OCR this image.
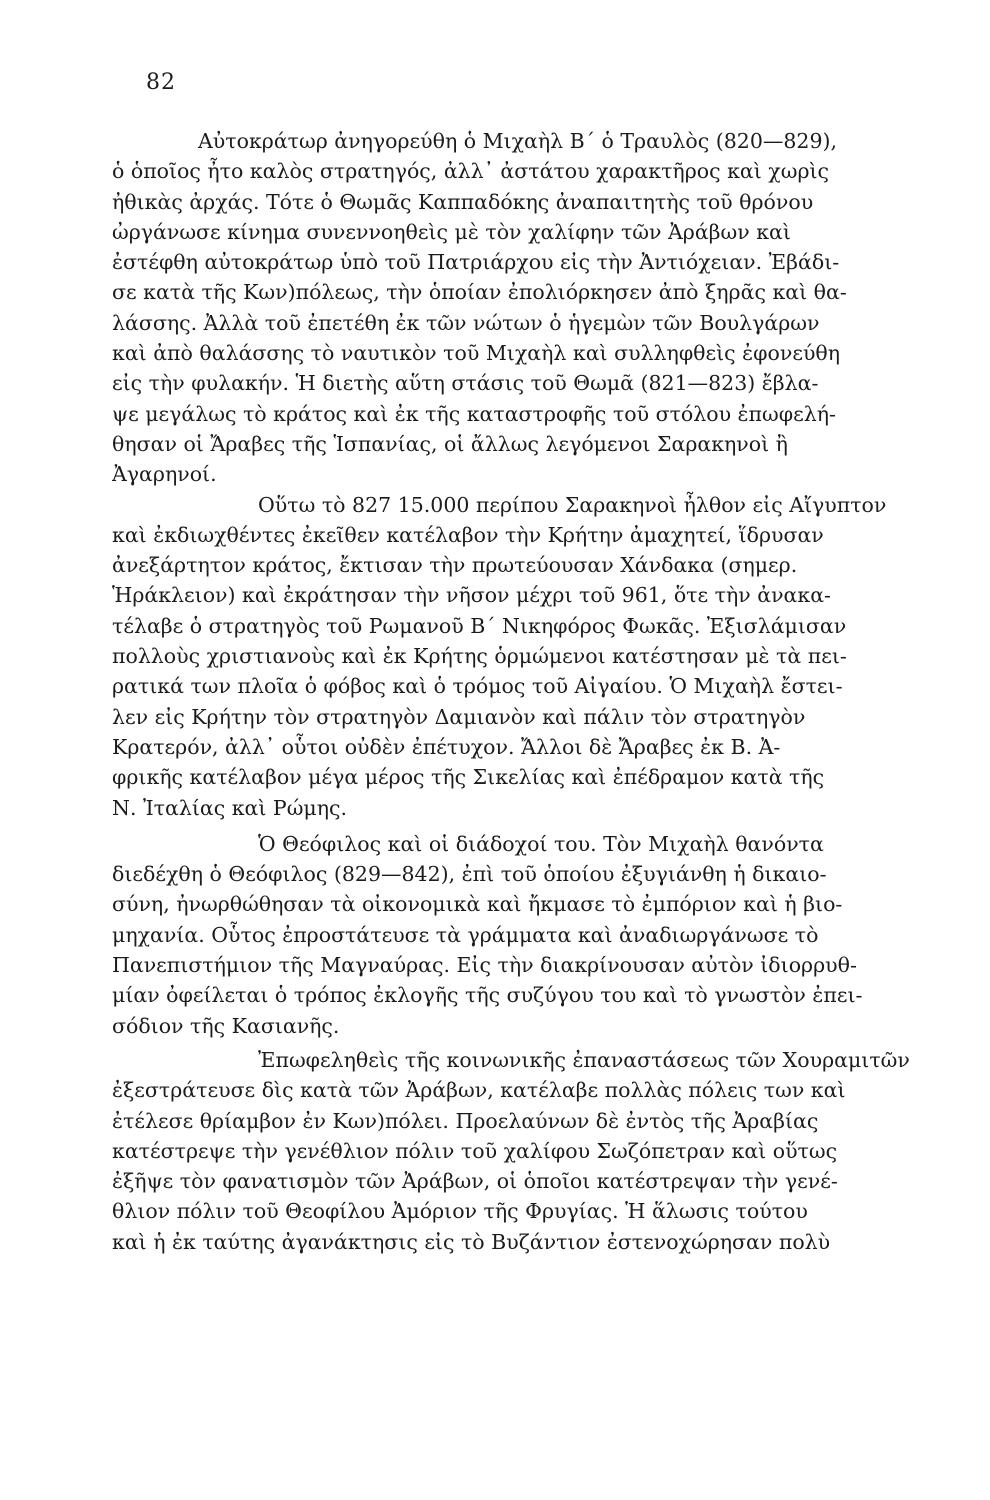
82

Αὐτοκράτωρ ἀνηγορεύθη ὁ Μιχαὴλ Β΄ ὁ Τραυλὸς (820—829),
ὁ ὁποῖος ἦτο καλὸς στρατηγός, ἀλλ᾿ ἀστάτου χαρακτῆρος καὶ χωρὶς
ἠθικὰς ἀρχάς. Τότε ὁ Θωμᾶς Καππαδόκης ἀναπαιτητὴς τοῦ θρόνου
ὠργάνωσε κίνημα συνεννοηθεὶς μὲ τὸν χαλίφην τῶν Ἀράβων καὶ
ἐστέφθη αὐτοκράτωρ ὑπὸ τοῦ Πατριάρχου εἰς τὴν Ἀντιόχειαν. Ἐβάδι-
σε κατὰ τῆς Κων)πόλεως, τὴν ὁποίαν ἐπολιόρκησεν ἀπὸ ξηρᾶς καὶ θα-
λάσσης. Ἀλλὰ τοῦ ἐπετέθη ἐκ τῶν νώτων ὁ ἡγεμὼν τῶν Βουλγάρων
καὶ ἀπὸ θαλάσσης τὸ ναυτικὸν τοῦ Μιχαὴλ καὶ συλληφθεὶς ἐφονεύθη
εἰς τὴν φυλακήν. Ἡ διετὴς αὕτη στάσις τοῦ Θωμᾶ (821—823) ἔβλα-
ψε μεγάλως τὸ κράτος καὶ ἐκ τῆς καταστροφῆς τοῦ στόλου ἐπωφελή-
θησαν οἱ Ἄραβες τῆς Ἱσπανίας, οἱ ἄλλως λεγόμενοι Σαρακηνοὶ ἢ
Ἀγαρηνοί.

Οὕτω τὸ 827 15.000 περίπου Σαρακηνοὶ ἦλθον εἰς Αἴγυπτον
καὶ ἐκδιωχθέντες ἐκεῖθεν κατέλαβον τὴν Κρήτην ἀμαχητεί, ἵδρυσαν
ἀνεξάρτητον κράτος, ἔκτισαν τὴν πρωτεύουσαν Χάνδακα (σημερ.
Ἡράκλειον) καὶ ἐκράτησαν τὴν νῆσον μέχρι τοῦ 961, ὅτε τὴν ἀνακα-
τέλαβε ὁ στρατηγὸς τοῦ Ρωμανοῦ Β΄ Νικηφόρος Φωκᾶς. Ἐξισλάμισαν
πολλοὺς χριστιανοὺς καὶ ἐκ Κρήτης ὁρμώμενοι κατέστησαν μὲ τὰ πει-
ρατικά των πλοῖα ὁ φόβος καὶ ὁ τρόμος τοῦ Αἰγαίου. Ὁ Μιχαὴλ ἔστει-
λεν εἰς Κρήτην τὸν στρατηγὸν Δαμιανὸν καὶ πάλιν τὸν στρατηγὸν
Κρατερόν, ἀλλ᾿ οὗτοι οὐδὲν ἐπέτυχον. Ἄλλοι δὲ Ἄραβες ἐκ Β. Ἀ-
φρικῆς κατέλαβον μέγα μέρος τῆς Σικελίας καὶ ἐπέδραμον κατὰ τῆς
Ν. Ἰταλίας καὶ Ρώμης.

Ὁ Θεόφιλος καὶ οἱ διάδοχοί του. Τὸν Μιχαὴλ θανόντα
διεδέχθη ὁ Θεόφιλος (829—842), ἐπὶ τοῦ ὁποίου ἐξυγιάνθη ἡ δικαιο-
σύνη, ἠνωρθώθησαν τὰ οἰκονομικὰ καὶ ἤκμασε τὸ ἐμπόριον καὶ ἡ βιο-
μηχανία. Οὗτος ἐπροστάτευσε τὰ γράμματα καὶ ἀναδιωργάνωσε τὸ
Πανεπιστήμιον τῆς Μαγναύρας. Εἰς τὴν διακρίνουσαν αὐτὸν ἰδιορρυθ-
μίαν ὀφείλεται ὁ τρόπος ἐκλογῆς τῆς συζύγου του καὶ τὸ γνωστὸν ἐπει-
σόδιον τῆς Κασιανῆς.

Ἐπωφεληθεὶς τῆς κοινωνικῆς ἐπαναστάσεως τῶν Χουραμιτῶν
ἐξεστράτευσε δὶς κατὰ τῶν Ἀράβων, κατέλαβε πολλὰς πόλεις των καὶ
ἐτέλεσε θρίαμβον ἐν Κων)πόλει. Προελαύνων δὲ ἐντὸς τῆς Ἀραβίας
κατέστρεψε τὴν γενέθλιον πόλιν τοῦ χαλίφου Σωζόπετραν καὶ οὕτως
ἐξῆψε τὸν φανατισμὸν τῶν Ἀράβων, οἱ ὁποῖοι κατέστρεψαν τὴν γενέ-
θλιον πόλιν τοῦ Θεοφίλου Ἀμόριον τῆς Φρυγίας. Ἡ ἅλωσις τούτου
καὶ ἡ ἐκ ταύτης ἀγανάκτησις εἰς τὸ Βυζάντιον ἐστενοχώρησαν πολὺ
